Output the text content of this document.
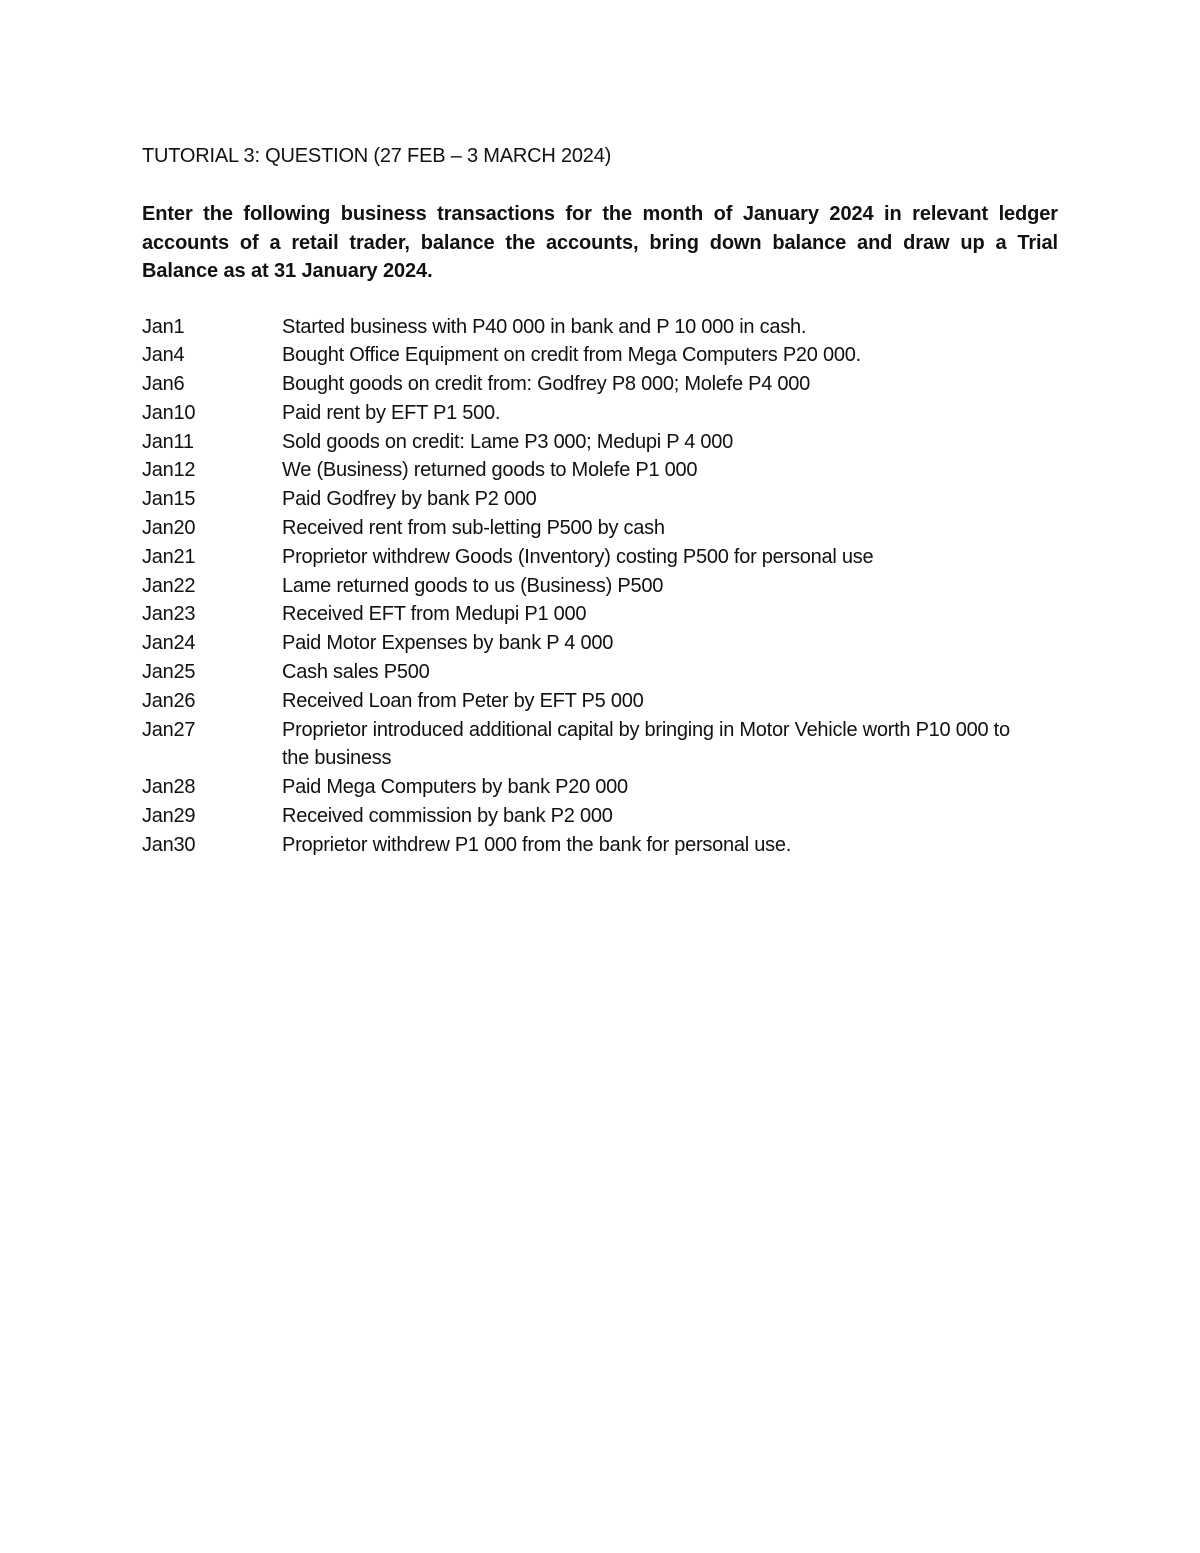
TUTORIAL 3: QUESTION (27 FEB – 3 MARCH 2024)

Enter the following business transactions for the month of January 2024 in relevant ledger accounts of a retail trader, balance the accounts, bring down balance and draw up a Trial Balance as at 31 January 2024.
Jan1	Started business with P40 000 in bank and P 10 000 in cash.
Jan4	Bought Office Equipment on credit from Mega Computers P20 000.
Jan6	Bought goods on credit from: Godfrey P8 000; Molefe P4 000
Jan10	Paid rent by EFT P1 500.
Jan11	Sold goods on credit: Lame P3 000; Medupi P 4 000
Jan12	We (Business) returned goods to Molefe P1 000
Jan15	Paid Godfrey by bank P2 000
Jan20	Received rent from sub-letting P500 by cash
Jan21	Proprietor withdrew Goods (Inventory) costing P500 for personal use
Jan22	Lame returned goods to us (Business) P500
Jan23	Received EFT from Medupi P1 000
Jan24	Paid Motor Expenses by bank P 4 000
Jan25	Cash sales P500
Jan26	Received Loan from Peter by EFT P5 000
Jan27	Proprietor introduced additional capital by bringing in Motor Vehicle worth P10 000 to the business
Jan28	Paid Mega Computers by bank P20 000
Jan29	Received commission by bank P2 000
Jan30	Proprietor withdrew P1 000 from the bank for personal use.
